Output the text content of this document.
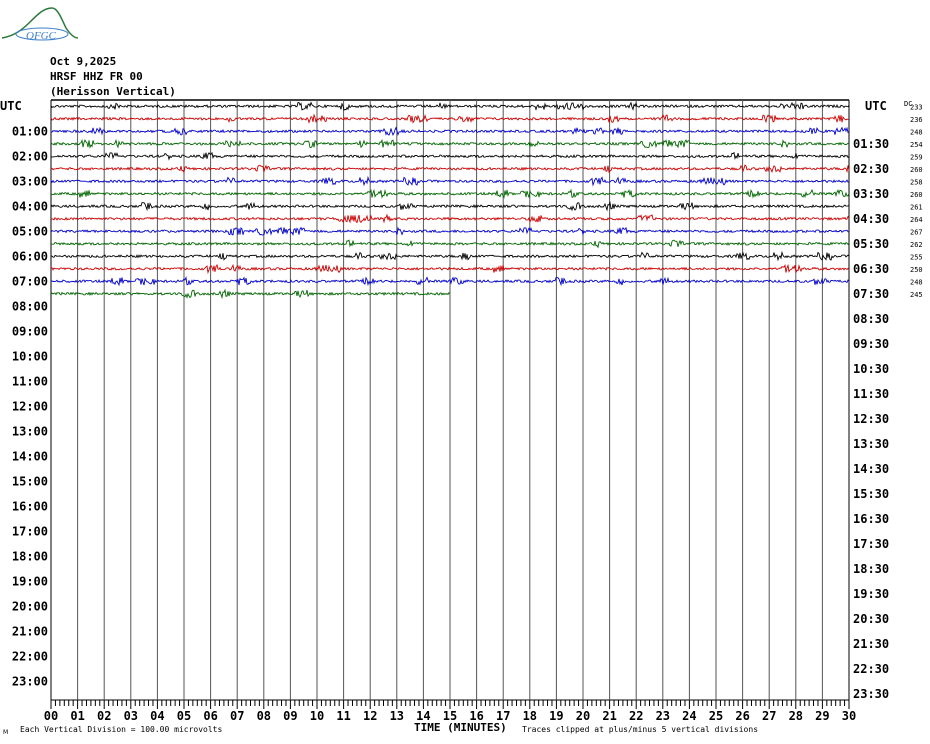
OFGC
Oct 9,2025
HRSF HHZ FR 00
(Herisson Vertical)
00 01 02 03 04 05 06 07 08 09 10 11 12 13 14 15 16 17 18 19 20 21 22 23 24 25 26 27 28 29 30
UTC	UTC DC
01:00
02:00
03:00
04:00
05:00
06:00
07:00
08:00
09:00
10:00
11:00
12:00
13:00
14:00
15:00
16:00
17:00
18:00
19:00
20:00
21:00
22:00
23:00
01:30
02:30
03:30
04:30
05:30
06:30
07:30
08:30
09:30
10:30
11:30
12:30
13:30
14:30
15:30
16:30
17:30
18:30
19:30
20:30
21:30
22:30
23:30
233
236
248
254
259
260
258
260
261
264
267
262
255
250
248
245
Each Vertical Division = 100.00 microvolts	TIME (MINUTES) Traces clipped at plus/minus 5 vertical divisions
M
